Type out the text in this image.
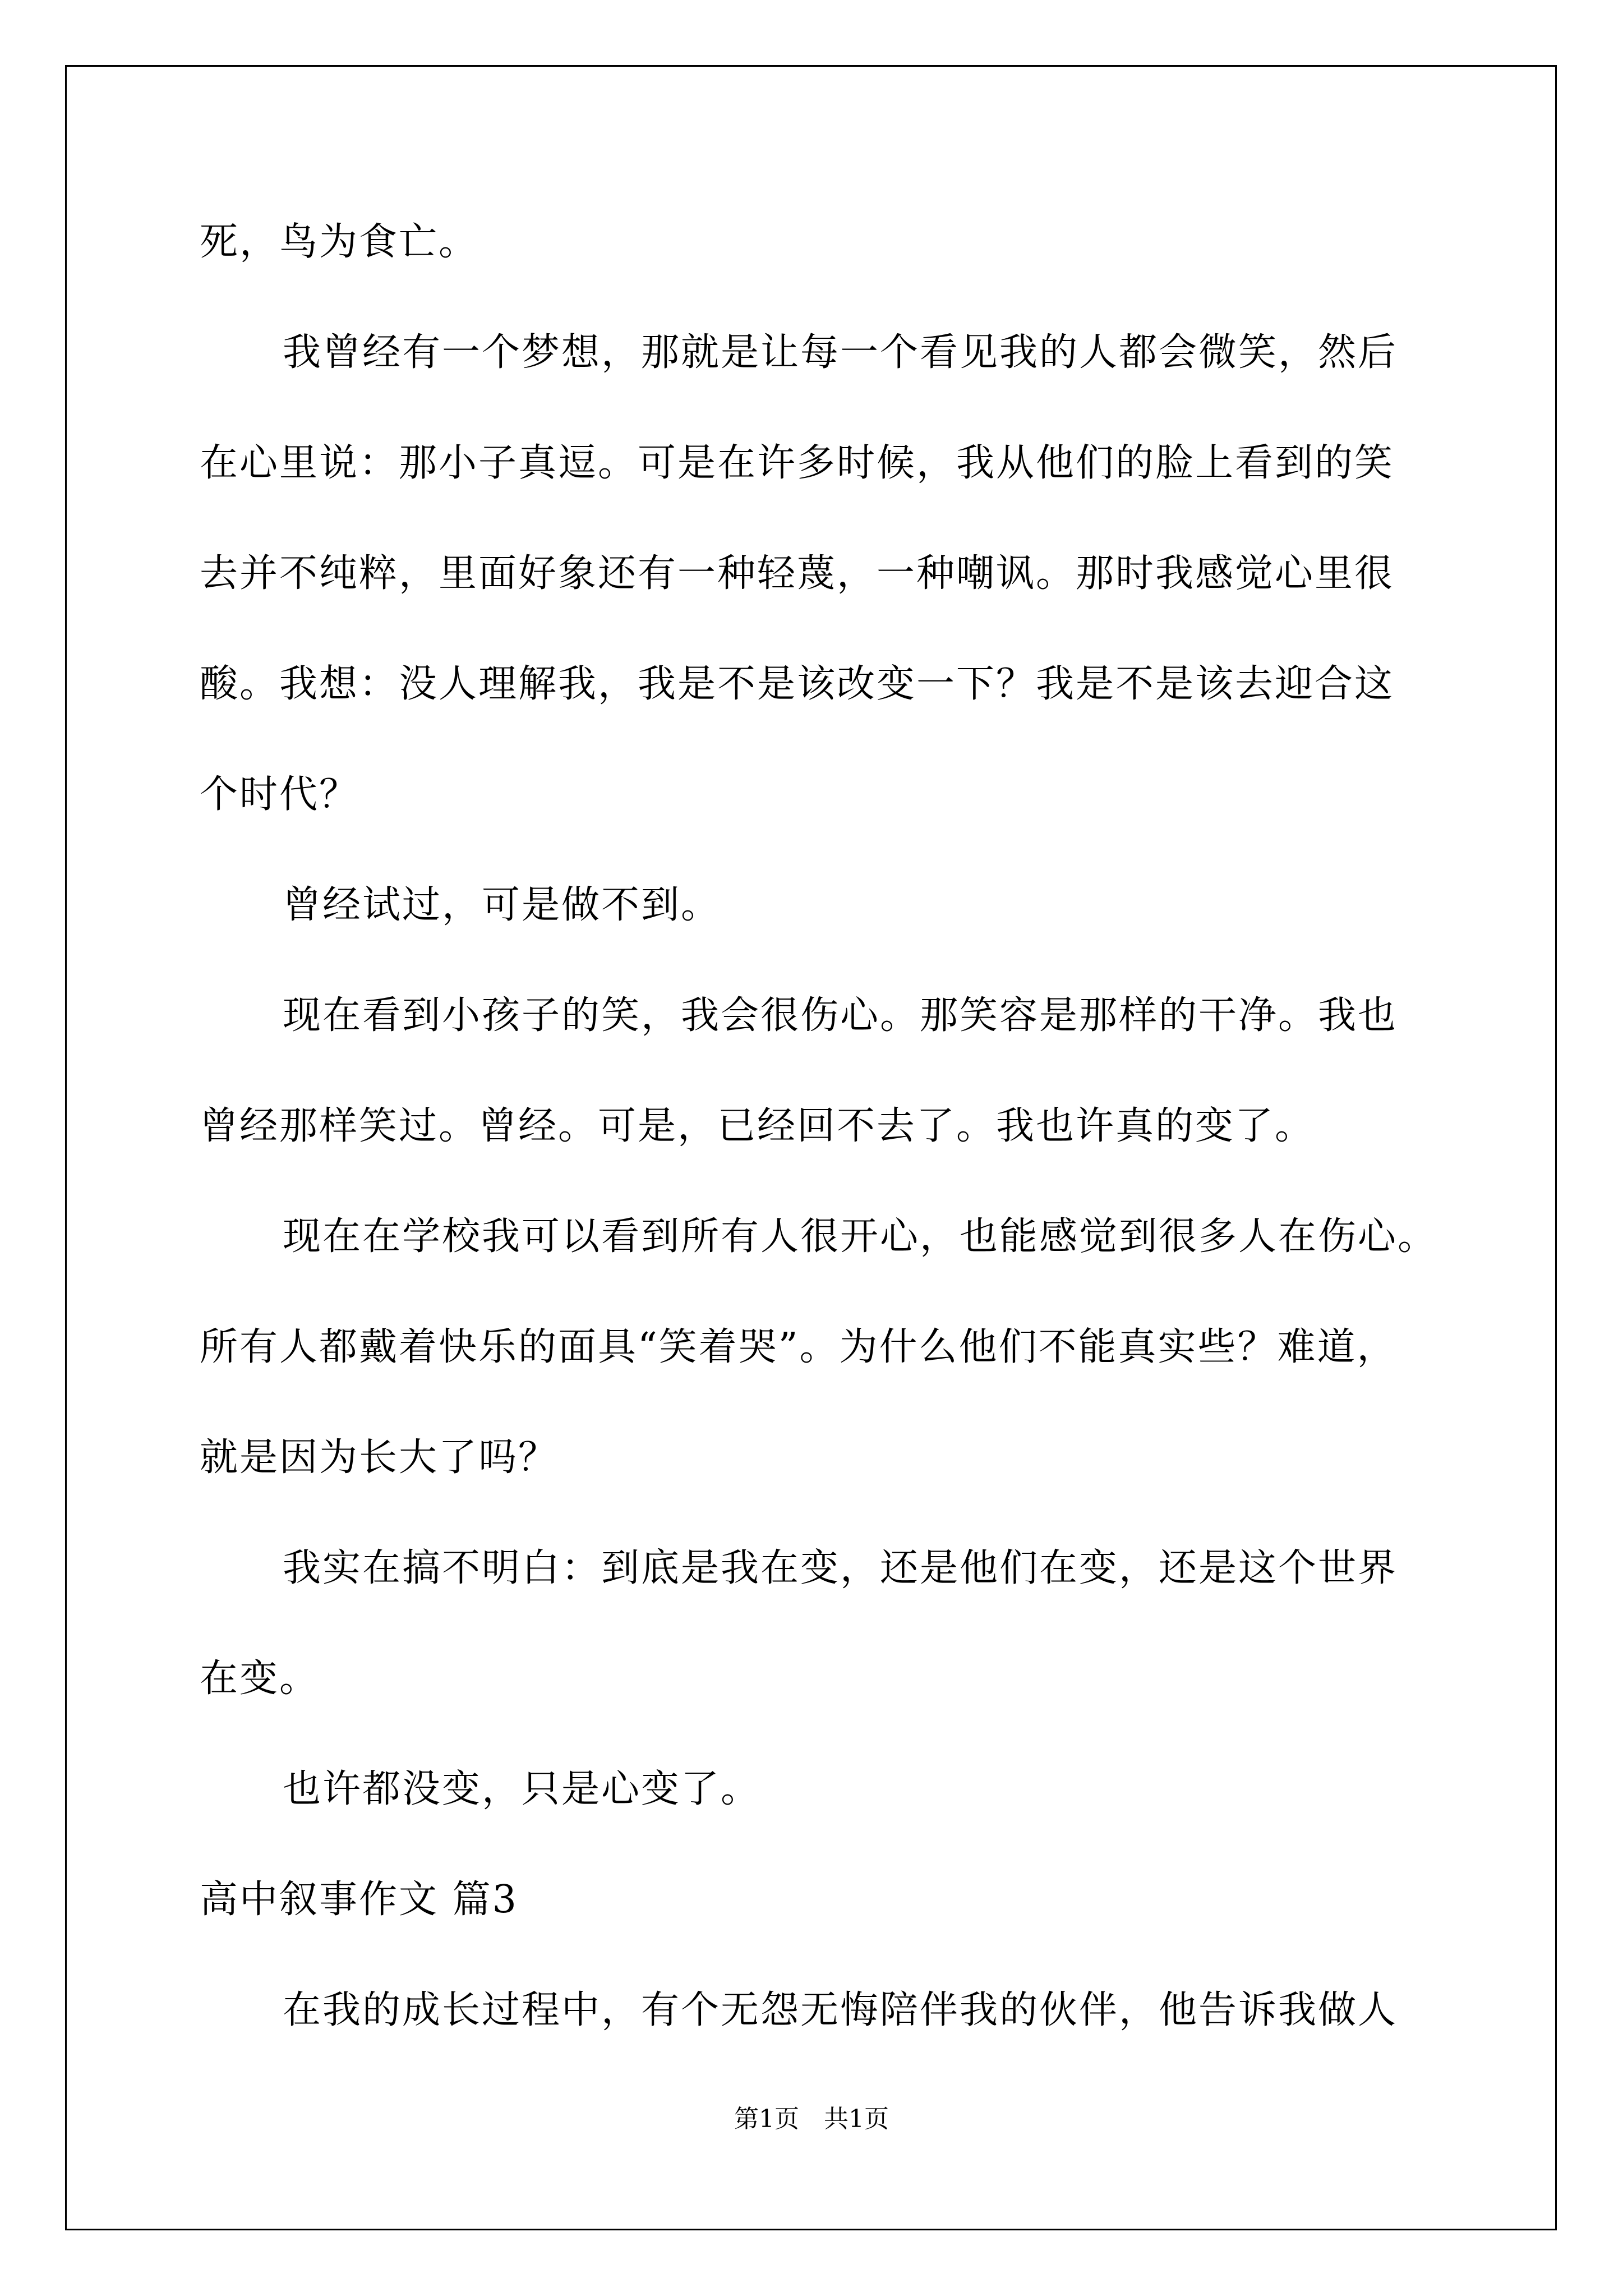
死，鸟为食亡。
我曾经有一个梦想，那就是让每一个看见我的人都会微笑，然后
在心里说：那小子真逗。可是在许多时候，我从他们的脸上看到的笑
去并不纯粹，里面好象还有一种轻蔑，一种嘲讽。那时我感觉心里很
酸。我想：没人理解我，我是不是该改变一下？我是不是该去迎合这
个时代？
曾经试过，可是做不到。
现在看到小孩子的笑，我会很伤心。那笑容是那样的干净。我也
曾经那样笑过。曾经。可是，已经回不去了。我也许真的变了。
现在在学校我可以看到所有人很开心，也能感觉到很多人在伤心。
所有人都戴着快乐的面具“笑着哭”。为什么他们不能真实些？难道，
就是因为长大了吗？
我实在搞不明白：到底是我在变，还是他们在变，还是这个世界
在变。
也许都没变，只是心变了。
高中叙事作文 篇3
在我的成长过程中，有个无怨无悔陪伴我的伙伴，他告诉我做人
第1页 共1页
